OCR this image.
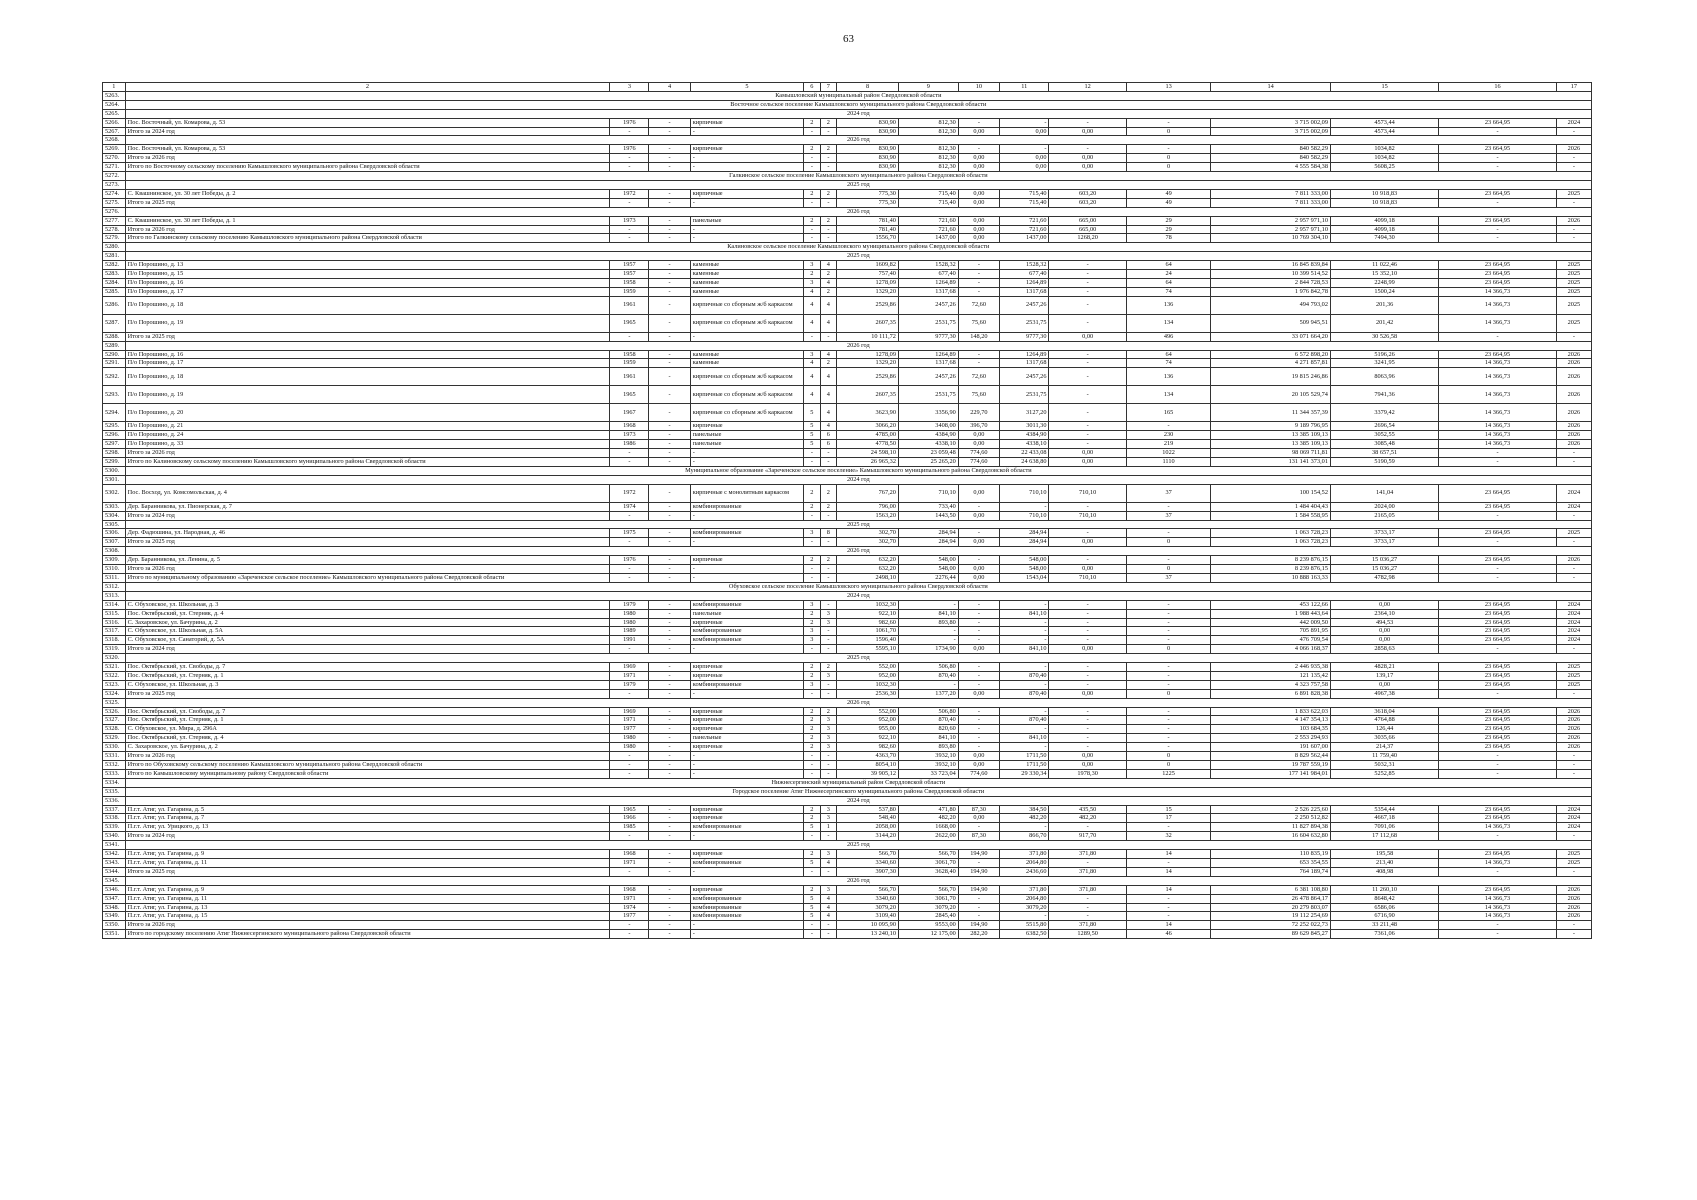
63
1	2	3	4	5	6	7	8	9	10	11	12	13	14	15	16	17
5263.	Камышловский муниципальный район Свердловской области															
5264.	Восточное сельское поселение Камышловского муниципального района Свердловской области															
5265.	2024 год															
5266.	Пос. Восточный, ул. Комарова, д. 53	1976	-	кирпичные	2	2	830,90	812,30	-	-	-	-	3 715 002,09	4573,44	23 664,95	2024
5267.	Итого за 2024 год	-	-	-	-	-	830,90	812,30	0,00	0,00	0,00	0	3 715 002,09	4573,44	-	-
5268.	2026 год															
5269.	Пос. Восточный, ул. Комарова, д. 53	1976	-	кирпичные	2	2	830,90	812,30	-	-	-	-	840 582,29	1034,82	23 664,95	2026
5270.	Итого за 2026 год	-	-	-	-	-	830,90	812,30	0,00	0,00	0,00	0	840 582,29	1034,82	-	-
5271.	Итого по Восточному сельскому поселению Камышловского муниципального района Свердловской области	-	-	-	-	-	830,90	812,30	0,00	0,00	0,00	0	4 555 584,38	5608,25	-	-
5272.	Галкинское сельское поселение Камышловского муниципального района Свердловской области															
5273.	2025 год															
5274.	С. Квашнинское, ул. 30 лет Победы, д. 2	1972	-	кирпичные	2	2	775,30	715,40	0,00	715,40	603,20	49	7 811 333,00	10 918,83	23 664,95	2025
5275.	Итого за 2025 год	-	-	-	-	-	775,30	715,40	0,00	715,40	603,20	49	7 811 333,00	10 918,83	-	-
5276.	2026 год															
5277.	С. Квашнинское, ул. 30 лет Победы, д. 1	1973	-	панельные	2	2	781,40	721,60	0,00	721,60	665,00	29	2 957 971,10	4099,18	23 664,95	2026
5278.	Итого за 2026 год	-	-	-	-	-	781,40	721,60	0,00	721,60	665,00	29	2 957 971,10	4099,18	-	-
5279.	Итого по Галкинскому сельскому поселению Камышловского муниципального района Свердловской области	-	-	-	-	-	1556,70	1437,00	0,00	1437,00	1268,20	78	10 769 304,10	7494,30	-	-
5280.	Калиновское сельское поселение Камышловского муниципального района Свердловской области															
5281.	2025 год															
5282.	П/о Порошино, д. 13	1957	-	каменные	3	4	1609,82	1528,32	-	1528,32	-	64	16 845 839,84	11 022,46	23 664,95	2025
5283.	П/о Порошино, д. 15	1957	-	каменные	2	2	757,40	677,40	-	677,40	-	24	10 399 514,52	15 352,10	23 664,95	2025
5284.	П/о Порошино, д. 16	1958	-	каменные	3	4	1278,09	1264,89	-	1264,89	-	64	2 844 728,53	2248,99	23 664,95	2025
5285.	П/о Порошино, д. 17	1959	-	каменные	4	2	1329,20	1317,68	-	1317,68	-	74	1 976 842,78	1500,24	14 366,73	2025
5286.	П/о Порошино, д. 18	1961	-	кирпичные со сборным ж/б каркасом	4	4	2529,86	2457,26	72,60	2457,26	-	136	494 793,02	201,36	14 366,73	2025
5287.	П/о Порошино, д. 19	1965	-	кирпичные со сборным ж/б каркасом	4	4	2607,35	2531,75	75,60	2531,75	-	134	509 945,51	201,42	14 366,73	2025
5288.	Итого за 2025 год	-	-	-	-	-	10 111,72	9777,30	148,20	9777,30	0,00	496	33 071 664,20	30 526,58	-	-
5289.	2026 год															
5290.	П/о Порошино, д. 16	1958	-	каменные	3	4	1278,09	1264,89	-	1264,89	-	64	6 572 898,20	5196,26	23 664,95	2026
5291.	П/о Порошино, д. 17	1959	-	каменные	4	2	1329,20	1317,68	-	1317,68	-	74	4 271 857,81	3241,95	14 366,73	2026
5292.	П/о Порошино, д. 18	1961	-	кирпичные со сборным ж/б каркасом	4	4	2529,86	2457,26	72,60	2457,26	-	136	19 815 246,86	8063,96	14 366,73	2026
5293.	П/о Порошино, д. 19	1965	-	кирпичные со сборным ж/б каркасом	4	4	2607,35	2531,75	75,60	2531,75	-	134	20 105 529,74	7941,36	14 366,73	2026
5294.	П/о Порошино, д. 20	1967	-	кирпичные со сборным ж/б каркасом	5	4	3623,90	3356,90	229,70	3127,20	-	165	11 344 357,39	3379,42	14 366,73	2026
5295.	П/о Порошино, д. 21	1968	-	кирпичные	5	4	3066,20	3408,00	396,70	3011,30	-	-	9 189 796,95	2696,54	14 366,73	2026
5296.	П/о Порошино, д. 24	1973	-	панельные	5	6	4785,00	4384,90	0,00	4384,90	-	230	13 385 109,13	3052,55	14 366,73	2026
5297.	П/о Порошино, д. 33	1986	-	панельные	5	6	4778,50	4338,10	0,00	4338,10	-	219	13 385 109,13	3085,48	14 366,73	2026
5298.	Итого за 2026 год	-	-	-	-	-	24 598,10	23 059,48	774,60	22 433,08	0,00	1022	98 069 711,81	38 657,51	-	-
5299.	Итого по Калиновскому сельскому поселению Камышловского муниципального района Свердловской области	-	-	-	-	-	26 965,32	25 265,20	774,60	24 638,80	0,00	1110	131 141 373,01	5190,59	-	-
5300.	Муниципальное образование «Зареченское сельское поселение» Камышловского муниципального района Свердловской области															
5301.	2024 год															
5302.	Пос. Восход, ул. Комсомольская, д. 4	1972	-	кирпичные с монолитным каркасом	2	2	767,20	710,10	0,00	710,10	710,10	37	100 154,52	141,04	23 664,95	2024
5303.	Дер. Баранникова, ул. Пионерская, д. 7	1974	-	комбинированные	2	2	796,00	733,40	-	-	-	-	1 484 404,43	2024,00	23 664,95	2024
5304.	Итого за 2024 год	-	-	-	-	-	1563,20	1443,50	0,00	710,10	710,10	37	1 584 558,95	2165,05	-	-
5305.	2025 год															
5306.	Дер. Фадюшина, ул. Народная, д. 46	1975	-	комбинированные	3	8	302,70	284,94	-	284,94	-	-	1 063 728,23	3733,17	23 664,95	2025
5307.	Итого за 2025 год	-	-	-	-	-	302,70	284,94	0,00	284,94	0,00	0	1 063 728,23	3733,17	-	-
5308.	2026 год															
5309.	Дер. Баранникова, ул. Ленина, д. 5	1976	-	кирпичные	2	2	632,20	548,00	-	548,00	-	-	8 239 876,15	15 036,27	23 664,95	2026
5310.	Итого за 2026 год	-	-	-	-	-	632,20	548,00	0,00	548,00	0,00	0	8 239 876,15	15 036,27	-	-
5311.	Итого по муниципальному образованию «Зареченское сельское поселение» Камышловского муниципального района Свердловской области	-	-	-	-	-	2498,10	2276,44	0,00	1543,04	710,10	37	10 888 163,33	4782,98	-	-
5312.	Обуховское сельское поселение Камышловского муниципального района Свердловской области															
5313.	2024 год															
5314.	С. Обуховское, ул. Школьная, д. 3	1979	-	комбинированные	3	-	1032,30	-	-	-	-	-	453 122,66	0,00	23 664,95	2024
5315.	Пос. Октябрьский, ул. Стерняк, д. 4	1980	-	панельные	2	3	922,10	841,10	-	841,10	-	-	1 988 443,64	2364,10	23 664,95	2024
5316.	С. Захаровское, ул. Бачурина, д. 2	1980	-	кирпичные	2	3	982,60	893,80	-	-	-	-	442 009,50	494,53	23 664,95	2024
5317.	С. Обуховское, ул. Школьная, д. 5А	1989	-	комбинированные	3	-	1061,70	-	-	-	-	-	705 891,95	0,00	23 664,95	2024
5318.	С. Обуховское, ул. Санаторий, д. 5А	1991	-	комбинированные	3	-	1596,40	-	-	-	-	-	476 709,54	0,00	23 664,95	2024
5319.	Итого за 2024 год	-	-	-	-	-	5595,10	1734,90	0,00	841,10	0,00	0	4 066 168,37	2858,63	-	-
5320.	2025 год															
5321.	Пос. Октябрьский, ул. Свободы, д. 7	1969	-	кирпичные	2	2	552,00	506,80	-	-	-	-	2 446 935,38	4828,21	23 664,95	2025
5322.	Пос. Октябрьский, ул. Стерняк, д. 1	1971	-	кирпичные	2	3	952,00	870,40	-	870,40	-	-	121 135,42	139,17	23 664,95	2025
5323.	С. Обуховское, ул. Школьная, д. 3	1979	-	комбинированные	3	-	1032,30	-	-	-	-	-	4 323 757,58	0,00	23 664,95	2025
5324.	Итого за 2025 год	-	-	-	-	-	2536,30	1377,20	0,00	870,40	0,00	0	6 891 828,38	4967,38	-	-
5325.	2026 год															
5326.	Пос. Октябрьский, ул. Свободы, д. 7	1969	-	кирпичные	2	2	552,00	506,80	-	-	-	-	1 833 622,03	3618,04	23 664,95	2026
5327.	Пос. Октябрьский, ул. Стерняк, д. 1	1971	-	кирпичные	2	3	952,00	870,40	-	870,40	-	-	4 147 354,13	4764,88	23 664,95	2026
5328.	С. Обуховское, ул. Мира, д. 296А	1977	-	кирпичные	2	3	955,00	820,60	-	-	-	-	103 684,35	126,44	23 664,95	2026
5329.	Пос. Октябрьский, ул. Стерняк, д. 4	1980	-	панельные	2	3	922,10	841,10	-	841,10	-	-	2 553 294,93	3035,66	23 664,95	2026
5330.	С. Захаровское, ул. Бачурина, д. 2	1980	-	кирпичные	2	3	982,60	893,80	-	-	-	-	191 607,00	214,37	23 664,95	2026
5331.	Итого за 2026 год	-	-	-	-	-	4363,70	3932,10	0,00	1711,50	0,00	0	8 829 562,44	11 759,40	-	-
5332.	Итого по Обуховскому сельскому поселению Камышловского муниципального района Свердловской области	-	-	-	-	-	8054,10	3932,10	0,00	1711,50	0,00	0	19 787 559,19	5032,31	-	-
5333.	Итого по Камышловскому муниципальному району Свердловской области	-	-	-	-	-	39 905,12	33 723,04	774,60	29 330,34	1978,30	1225	177 141 984,01	5252,85	-	-
5334.	Нижнесергинский муниципальный район Свердловской области															
5335.	Городское поселение Атиг Нижнесергинского муниципального района Свердловской области															
5336.	2024 год															
5337.	П.г.т. Атиг, ул. Гагарина, д. 5	1965	-	кирпичные	2	3	537,80	471,80	87,30	384,50	435,50	15	2 526 225,60	5354,44	23 664,95	2024
5338.	П.г.т. Атиг, ул. Гагарина, д. 7	1966	-	кирпичные	2	3	548,40	482,20	0,00	482,20	482,20	17	2 250 512,82	4667,18	23 664,95	2024
5339.	П.г.т. Атиг, ул. Урицкого, д. 13	1985	-	комбинированные	5	1	2058,00	1668,00	-	-	-	-	11 827 894,38	7091,06	14 366,73	2024
5340.	Итого за 2024 год	-	-	-	-	-	3144,20	2622,00	87,30	866,70	917,70	32	16 604 632,80	17 112,68	-	-
5341.	2025 год															
5342.	П.г.т. Атиг, ул. Гагарина, д. 9	1968	-	кирпичные	2	3	566,70	566,70	194,90	371,80	371,80	14	110 835,19	195,58	23 664,95	2025
5343.	П.г.т. Атиг, ул. Гагарина, д. 11	1971	-	комбинированные	5	4	3340,60	3061,70	-	2064,80	-	-	653 354,55	213,40	14 366,73	2025
5344.	Итого за 2025 год	-	-	-	-	-	3907,30	3628,40	194,90	2436,60	371,80	14	764 189,74	408,98	-	-
5345.	2026 год															
5346.	П.г.т. Атиг, ул. Гагарина, д. 9	1968	-	кирпичные	2	3	566,70	566,70	194,90	371,80	371,80	14	6 381 108,80	11 260,10	23 664,95	2026
5347.	П.г.т. Атиг, ул. Гагарина, д. 11	1971	-	комбинированные	5	4	3340,60	3061,70	-	2064,80	-	-	26 478 864,17	8648,42	14 366,73	2026
5348.	П.г.т. Атиг, ул. Гагарина, д. 13	1974	-	комбинированные	5	4	3079,20	3079,20	-	3079,20	-	-	20 279 803,07	6586,06	14 366,73	2026
5349.	П.г.т. Атиг, ул. Гагарина, д. 15	1977	-	комбинированные	5	4	3109,40	2845,40	-	-	-	-	19 112 254,69	6716,90	14 366,73	2026
5350.	Итого за 2026 год	-	-	-	-	-	10 095,90	9553,00	194,90	5515,80	371,80	14	72 252 022,73	33 211,48	-	-
5351.	Итого по городскому поселению Атиг Нижнесергинского муниципального района Свердловской области	-	-	-	-	-	13 240,10	12 175,00	282,20	6382,50	1289,50	46	89 629 845,27	7361,06	-	-
